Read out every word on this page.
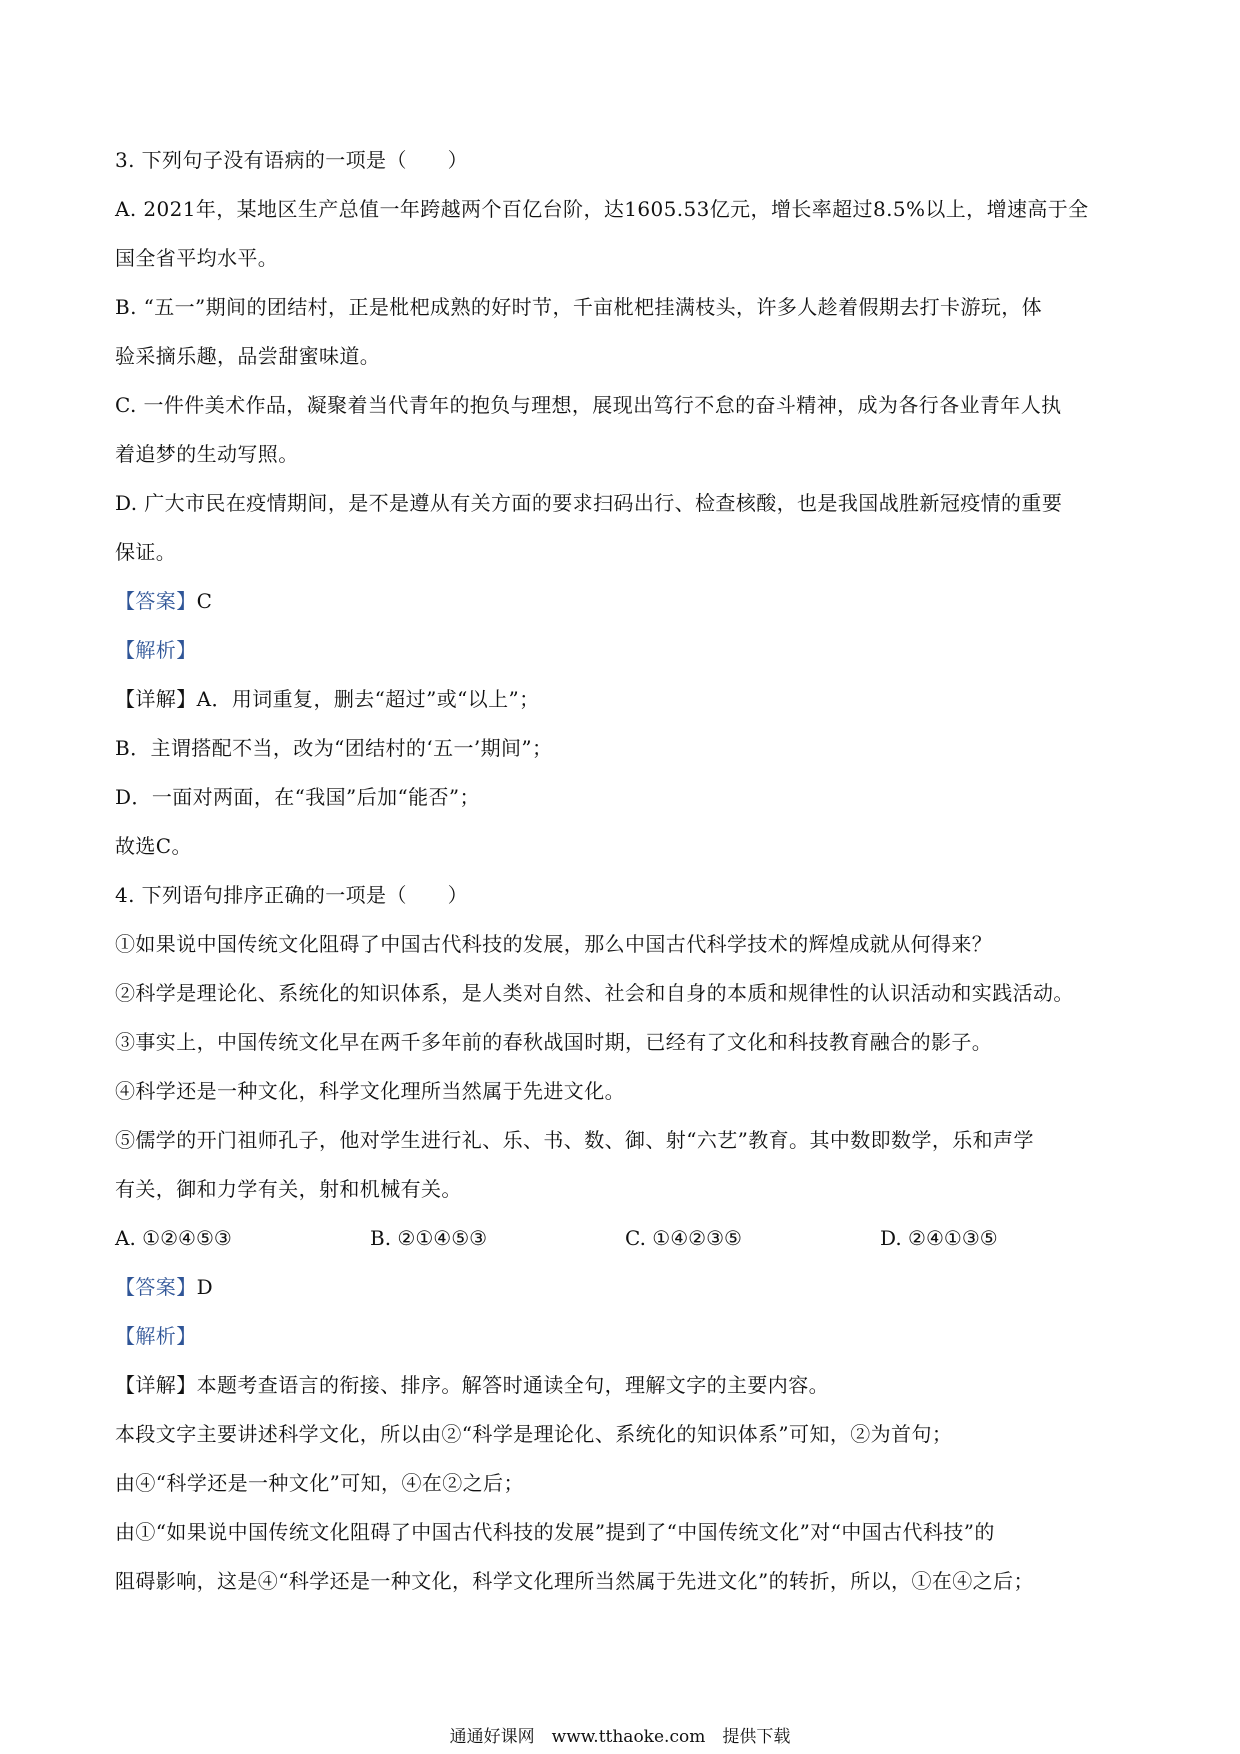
3. 下列句子没有语病的一项是（　　）
A. 2021年，某地区生产总值一年跨越两个百亿台阶，达1605.53亿元，增长率超过8.5%以上，增速高于全
国全省平均水平。
B. “五一”期间的团结村，正是枇杷成熟的好时节，千亩枇杷挂满枝头，许多人趁着假期去打卡游玩，体
验采摘乐趣，品尝甜蜜味道。
C. 一件件美术作品，凝聚着当代青年的抱负与理想，展现出笃行不怠的奋斗精神，成为各行各业青年人执
着追梦的生动写照。
D. 广大市民在疫情期间，是不是遵从有关方面的要求扫码出行、检查核酸，也是我国战胜新冠疫情的重要
保证。
【答案】C
【解析】
【详解】A．用词重复，删去“超过”或“以上”；
B．主谓搭配不当，改为“团结村的‘五一’期间”；
D．一面对两面，在“我国”后加“能否”；
故选C。
4. 下列语句排序正确的一项是（　　）
①如果说中国传统文化阻碍了中国古代科技的发展，那么中国古代科学技术的辉煌成就从何得来？
②科学是理论化、系统化的知识体系，是人类对自然、社会和自身的本质和规律性的认识活动和实践活动。
③事实上，中国传统文化早在两千多年前的春秋战国时期，已经有了文化和科技教育融合的影子。
④科学还是一种文化，科学文化理所当然属于先进文化。
⑤儒学的开门祖师孔子，他对学生进行礼、乐、书、数、御、射“六艺”教育。其中数即数学，乐和声学
有关，御和力学有关，射和机械有关。
A. ①②④⑤③	B. ②①④⑤③	C. ①④②③⑤	D. ②④①③⑤
【答案】D
【解析】
【详解】本题考查语言的衔接、排序。解答时通读全句，理解文字的主要内容。
本段文字主要讲述科学文化，所以由②“科学是理论化、系统化的知识体系”可知，②为首句；
由④“科学还是一种文化”可知，④在②之后；
由①“如果说中国传统文化阻碍了中国古代科技的发展”提到了“中国传统文化”对“中国古代科技”的
阻碍影响，这是④“科学还是一种文化，科学文化理所当然属于先进文化”的转折，所以，①在④之后；
通通好课网　www.tthaoke.com　提供下载
